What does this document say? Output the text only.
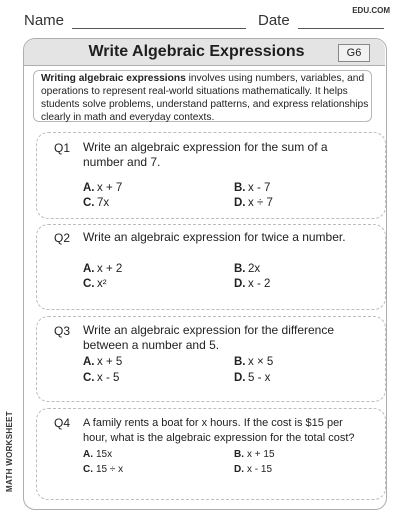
Name	Date
EDU.COM
Write Algebraic Expressions	G6

Writing algebraic expressions involves using numbers, variables, and operations to represent real-world situations mathematically. It helps students solve problems, understand patterns, and express relationships clearly in math and everyday contexts.

Q1 Write an algebraic expression for the sum of a
number and 7.
A. x + 7	B. x - 7
C. 7x	D. x ÷ 7
Q2 Write an algebraic expression for twice a number.
A. x + 2	B. 2x
C. x²	D. x - 2
Q3 Write an algebraic expression for the difference
between a number and 5.
A. x + 5	B. x × 5
C. x - 5	D. 5 - x
Q4 A family rents a boat for x hours. If the cost is $15 per
hour, what is the algebraic expression for the total cost?
A. 15x	B. x + 15
C. 15 ÷ x	D. x - 15
MATH WORKSHEET
